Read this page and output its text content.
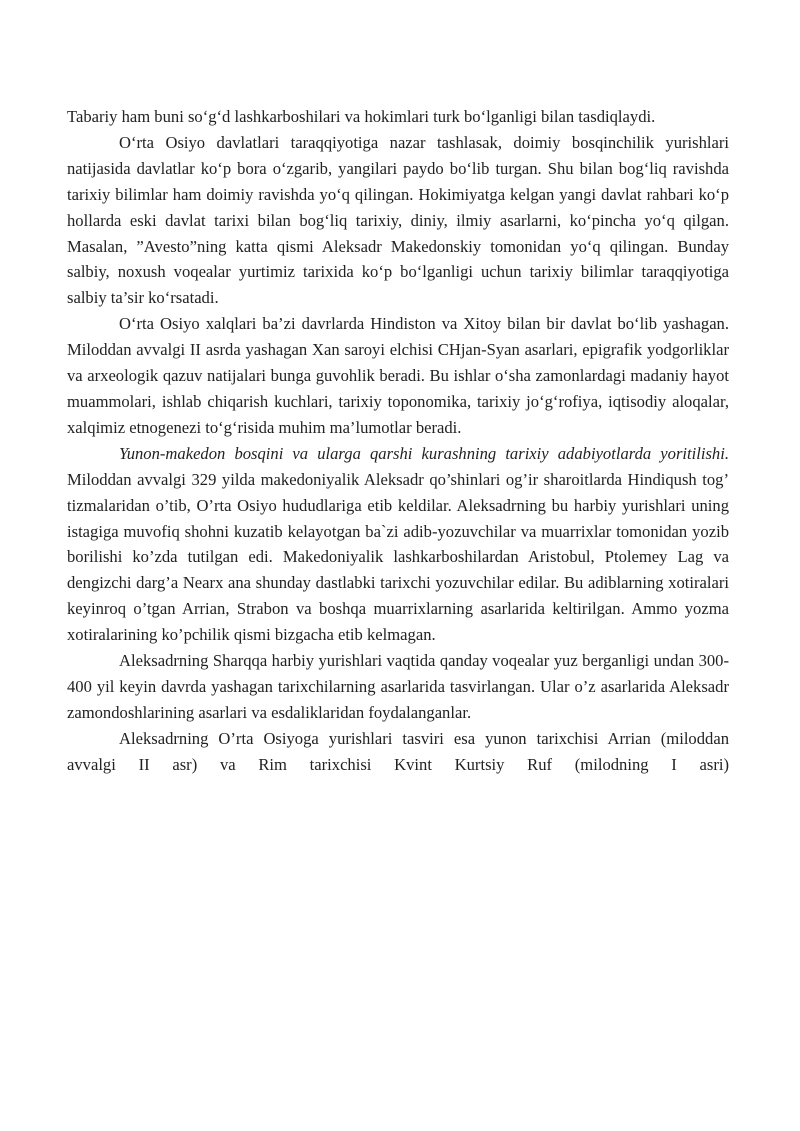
Tabariy ham buni so‘g‘d lashkarboshilari va hokimlari turk bo‘lganligi bilan tasdiqlaydi.

O‘rta Osiyo davlatlari taraqqiyotiga nazar tashlasak, doimiy bosqinchilik yurishlari natijasida davlatlar ko‘p bora o‘zgarib, yangilari paydo bo‘lib turgan. Shu bilan bog‘liq ravishda tarixiy bilimlar ham doimiy ravishda yo‘q qilingan. Hokimiyatga kelgan yangi davlat rahbari ko‘p hollarda eski davlat tarixi bilan bog‘liq tarixiy, diniy, ilmiy asarlarni, ko‘pincha yo‘q qilgan. Masalan, ”Avesto”ning katta qismi Aleksadr Makedonskiy tomonidan yo‘q qilingan. Bunday salbiy, noxush voqealar yurtimiz tarixida ko‘p bo‘lganligi uchun tarixiy bilimlar taraqqiyotiga salbiy ta’sir ko‘rsatadi.

O‘rta Osiyo xalqlari ba’zi davrlarda Hindiston va Xitoy bilan bir davlat bo‘lib yashagan. Miloddan avvalgi II asrda yashagan Xan saroyi elchisi CHjan-Syan asarlari, epigrafik yodgorliklar va arxeologik qazuv natijalari bunga guvohlik beradi. Bu ishlar o‘sha zamonlardagi madaniy hayot muammolari, ishlab chiqarish kuchlari, tarixiy toponomika, tarixiy jo‘g‘rofiya, iqtisodiy aloqalar, xalqimiz etnogenezi to‘g‘risida muhim ma’lumotlar beradi.

Yunon-makedon bosqini va ularga qarshi kurashning tarixiy adabiyotlarda yoritilishi. Miloddan avvalgi 329 yilda makedoniyalik Aleksadr qo’shinlari og’ir sharoitlarda Hindiqush tog’ tizmalaridan o’tib, O’rta Osiyo hududlariga etib keldilar. Aleksadrning bu harbiy yurishlari uning istagiga muvofiq shohni kuzatib kelayotgan ba`zi adib-yozuvchilar va muarrixlar tomonidan yozib borilishi ko’zda tutilgan edi. Makedoniyalik lashkarboshilardan Aristobul, Ptolemey Lag va dengizchi darg’a Nearx ana shunday dastlabki tarixchi yozuvchilar edilar. Bu adiblarning xotiralari keyinroq o’tgan Arrian, Strabon va boshqa muarrixlarning asarlarida keltirilgan. Ammo yozma xotiralarining ko’pchilik qismi bizgacha etib kelmagan.

Aleksadrning Sharqqa harbiy yurishlari vaqtida qanday voqealar yuz berganligi undan 300-400 yil keyin davrda yashagan tarixchilarning asarlarida tasvirlangan. Ular o’z asarlarida Aleksadr zamondoshlarining asarlari va esdaliklaridan foydalanganlar.

Aleksadrning O’rta Osiyoga yurishlari tasviri esa yunon tarixchisi Arrian (miloddan avvalgi II asr) va Rim tarixchisi Kvint Kurtsiy Ruf (milodning I asri)
